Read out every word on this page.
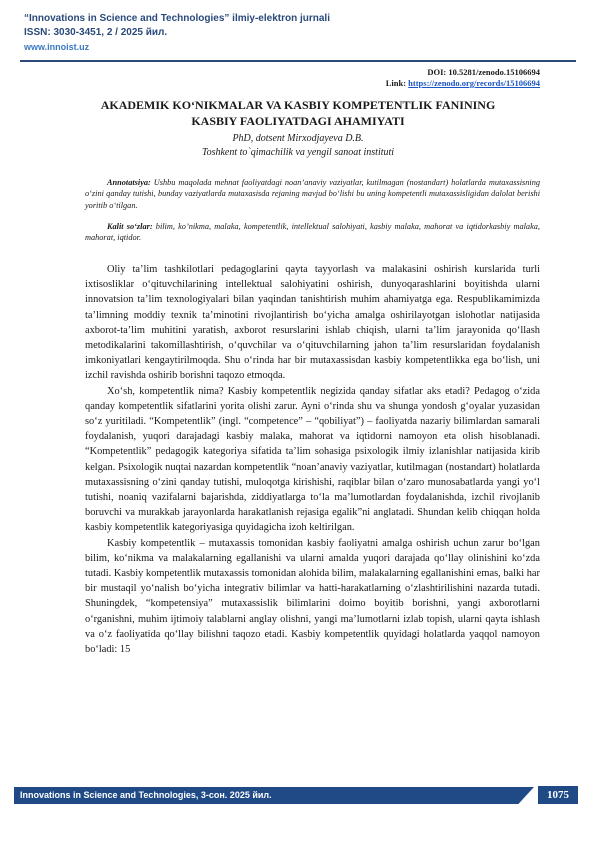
“Innovations in Science and Technologies” ilmiy-elektron jurnali
ISSN: 3030-3451, 2 / 2025 йил.
www.innoist.uz
DOI: 10.5281/zenodo.15106694
Link: https://zenodo.org/records/15106694
AKADEMIK KO‘NIKMALAR VA KASBIY KOMPETENTLIK FANINING
KASBIY FAOLIYATDAGI AHAMIYATI
PhD, dotsent Mirxodjayeva D.B.
Toshkent to`qimachilik va yengil sanoat instituti
Annotatsiya: Ushbu maqolada mehnat faoliyatdagi noan’anaviy vaziyatlar, kutilmagan (nostandart) holatlarda mutaxassisning o‘zini qanday tutishi, bunday vaziyatlarda mutaxasisda rejaning mavjud bo‘lishi bu uning kompetentli mutaxassisligidan dalolat berishi yoritib o‘tilgan.
Kalit so‘zlar: bilim, ko’nikma, malaka, kompetentlik, intellektual salohiyati, kasbiy malaka, mahorat va iqtidorkasbiy malaka, mahorat, iqtidor.

Oliy ta’lim tashkilotlari pedagoglarini qayta tayyorlash va malakasini oshirish kurslarida turli ixtisosliklar o‘qituvchilarining intellektual salohiyatini oshirish, dunyoqarashlarini boyitishda ularni innovatsion ta’lim texnologiyalari bilan yaqindan tanishtirish muhim ahamiyatga ega. Respublikamimizda ta’limning moddiy texnik ta’minotini rivojlantirish bo‘yicha amalga oshirilayotgan islohotlar natijasida axborot-ta’lim muhitini yaratish, axborot resurslarini ishlab chiqish, ularni ta’lim jarayonida qo‘llash metodikalarini takomillashtirish, o‘quvchilar va o‘qituvchilarning jahon ta’lim resurslaridan foydalanish imkoniyatlari kengaytirilmoqda. Shu o‘rinda har bir mutaxassisdan kasbiy kompetentlikka ega bo‘lish, uni izchil ravishda oshirib borishni taqozo etmoqda.

Xo‘sh, kompetentlik nima? Kasbiy kompetentlik negizida qanday sifatlar aks etadi? Pedagog o‘zida qanday kompetentlik sifatlarini yorita olishi zarur. Ayni o‘rinda shu va shunga yondosh g‘oyalar yuzasidan so‘z yuritiladi. “Kompetentlik” (ingl. “competence” – “qobiliyat”) – faoliyatda nazariy bilimlardan samarali foydalanish, yuqori darajadagi kasbiy malaka, mahorat va iqtidorni namoyon eta olish hisoblanadi. “Kompetentlik” pedagogik kategoriya sifatida ta’lim sohasiga psixologik ilmiy izlanishlar natijasida kirib kelgan. Psixologik nuqtai nazardan kompetentlik “noan’anaviy vaziyatlar, kutilmagan (nostandart) holatlarda mutaxassisning o‘zini qanday tutishi, muloqotga kirishishi, raqiblar bilan o‘zaro munosabatlarda yangi yo‘l tutishi, noaniq vazifalarni bajarishda, ziddiyatlarga to‘la ma’lumotlardan foydalanishda, izchil rivojlanib boruvchi va murakkab jarayonlarda harakatlanish rejasiga egalik”ni anglatadi. Shundan kelib chiqqan holda kasbiy kompetentlik kategoriyasiga quyidagicha izoh keltirilgan.

Kasbiy kompetentlik – mutaxassis tomonidan kasbiy faoliyatni amalga oshirish uchun zarur bo‘lgan bilim, ko‘nikma va malakalarning egallanishi va ularni amalda yuqori darajada qo‘llay olinishini ko‘zda tutadi. Kasbiy kompetentlik mutaxassis tomonidan alohida bilim, malakalarning egallanishini emas, balki har bir mustaqil yo‘nalish bo‘yicha integrativ bilimlar va hatti-harakatlarning o‘zlashtirilishini nazarda tutadi. Shuningdek, “kompetensiya” mutaxassislik bilimlarini doimo boyitib borishni, yangi axborotlarni o‘rganishni, muhim ijtimoiy talablarni anglay olishni, yangi ma’lumotlarni izlab topish, ularni qayta ishlash va o‘z faoliyatida qo‘llay bilishni taqozo etadi. Kasbiy kompetentlik quyidagi holatlarda yaqqol namoyon bo‘ladi: 15

Innovations in Science and Technologies, 3-сон. 2025 йил.	1075
